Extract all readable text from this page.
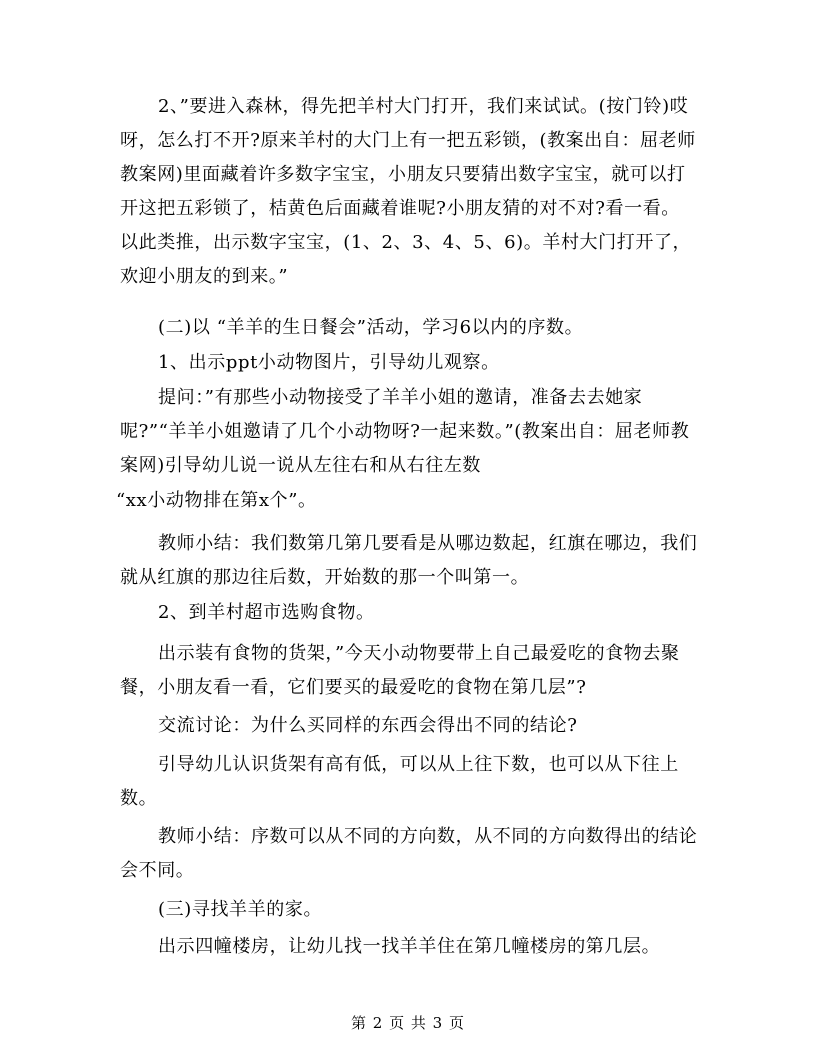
2、”要进入森林，得先把羊村大门打开，我们来试试。(按门铃)哎呀，怎么打不开?原来羊村的大门上有一把五彩锁，(教案出自：屈老师教案网)里面藏着许多数字宝宝，小朋友只要猜出数字宝宝，就可以打开这把五彩锁了，桔黄色后面藏着谁呢?小朋友猜的对不对?看一看。以此类推，出示数字宝宝，(1、2、3、4、5、6)。羊村大门打开了，欢迎小朋友的到来。”

(二)以 “羊羊的生日餐会”活动，学习6以内的序数。

1、出示ppt小动物图片，引导幼儿观察。

提问：”有那些小动物接受了羊羊小姐的邀请，准备去去她家呢?”“羊羊小姐邀请了几个小动物呀?一起来数。”(教案出自：屈老师教案网)引导幼儿说一说从左往右和从右往左数

“xx小动物排在第x个”。

教师小结：我们数第几第几要看是从哪边数起，红旗在哪边，我们就从红旗的那边往后数，开始数的那一个叫第一。

2、到羊村超市选购食物。

出示装有食物的货架，”今天小动物要带上自己最爱吃的食物去聚餐，小朋友看一看，它们要买的最爱吃的食物在第几层”?

交流讨论：为什么买同样的东西会得出不同的结论?

引导幼儿认识货架有高有低，可以从上往下数，也可以从下往上数。

教师小结：序数可以从不同的方向数，从不同的方向数得出的结论会不同。

(三)寻找羊羊的家。

出示四幢楼房，让幼儿找一找羊羊住在第几幢楼房的第几层。

第 2 页 共 3 页
